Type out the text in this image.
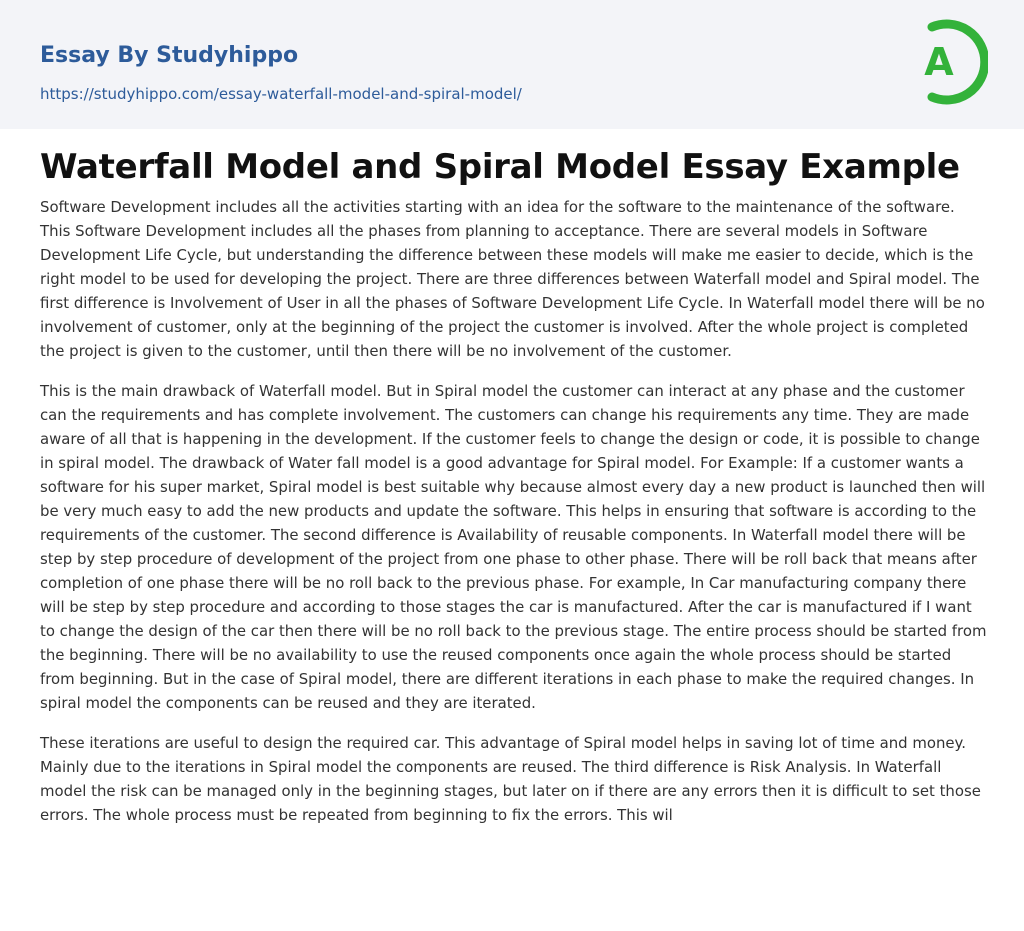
Essay By Studyhippo
https://studyhippo.com/essay-waterfall-model-and-spiral-model/
A
Waterfall Model and Spiral Model Essay Example

Software Development includes all the activities starting with an idea for the software to the maintenance of the software. This Software Development includes all the phases from planning to acceptance. There are several models in Software Development Life Cycle, but understanding the difference between these models will make me easier to decide, which is the right model to be used for developing the project. There are three differences between Waterfall model and Spiral model. The first difference is Involvement of User in all the phases of Software Development Life Cycle. In Waterfall model there will be no involvement of customer, only at the beginning of the project the customer is involved. After the whole project is completed the project is given to the customer, until then there will be no involvement of the customer.

This is the main drawback of Waterfall model. But in Spiral model the customer can interact at any phase and the customer can the requirements and has complete involvement. The customers can change his requirements any time. They are made aware of all that is happening in the development. If the customer feels to change the design or code, it is possible to change in spiral model. The drawback of Water fall model is a good advantage for Spiral model. For Example: If a customer wants a software for his super market, Spiral model is best suitable why because almost every day a new product is launched then will be very much easy to add the new products and update the software. This helps in ensuring that software is according to the requirements of the customer. The second difference is Availability of reusable components. In Waterfall model there will be step by step procedure of development of the project from one phase to other phase. There will be roll back that means after completion of one phase there will be no roll back to the previous phase. For example, In Car manufacturing company there will be step by step procedure and according to those stages the car is manufactured. After the car is manufactured if I want to change the design of the car then there will be no roll back to the previous stage. The entire process should be started from the beginning. There will be no availability to use the reused components once again the whole process should be started from beginning. But in the case of Spiral model, there are different iterations in each phase to make the required changes. In spiral model the components can be reused and they are iterated.

These iterations are useful to design the required car. This advantage of Spiral model helps in saving lot of time and money. Mainly due to the iterations in Spiral model the components are reused. The third difference is Risk Analysis. In Waterfall model the risk can be managed only in the beginning stages, but later on if there are any errors then it is difficult to set those errors. The whole process must be repeated from beginning to fix the errors. This wil
